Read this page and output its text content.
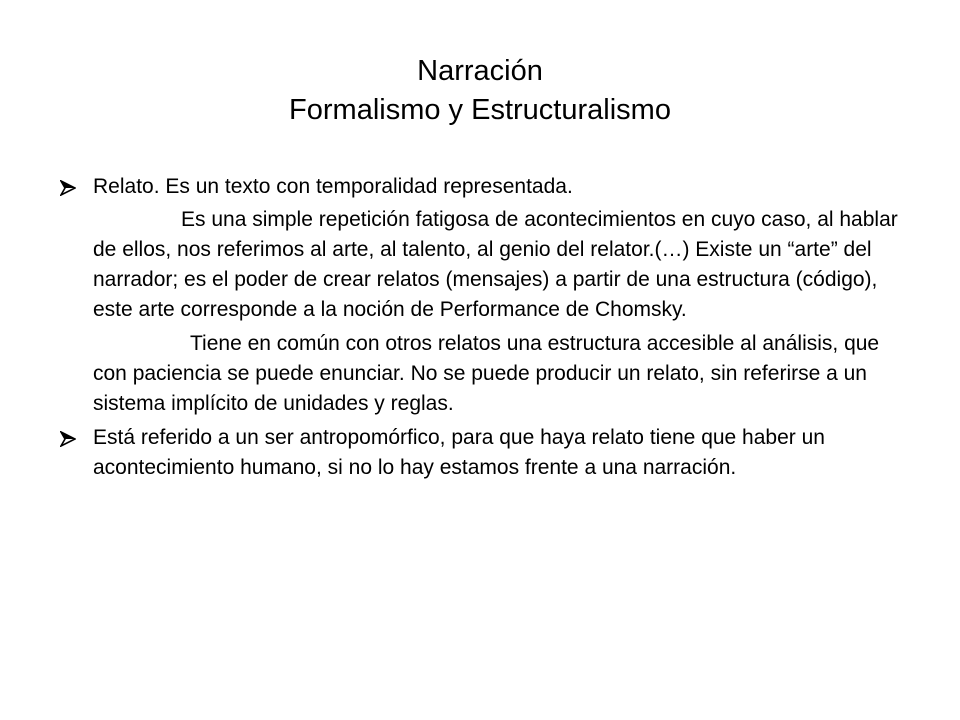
Narración
Formalismo y Estructuralismo
Relato. Es un texto con temporalidad representada.
Es una simple repetición fatigosa de acontecimientos en cuyo caso, al hablar de ellos, nos referimos al arte, al talento, al genio del relator.(…) Existe un “arte” del narrador; es el poder de crear relatos (mensajes) a partir de una estructura (código), este arte corresponde a la noción de Performance de Chomsky.
Tiene en común con otros relatos una estructura accesible al análisis, que con paciencia se puede enunciar. No se puede producir un relato, sin referirse a un sistema implícito de unidades y reglas.
Está referido a un ser antropomórfico, para que haya relato tiene que haber un acontecimiento humano, si no lo hay estamos frente a una narración.
